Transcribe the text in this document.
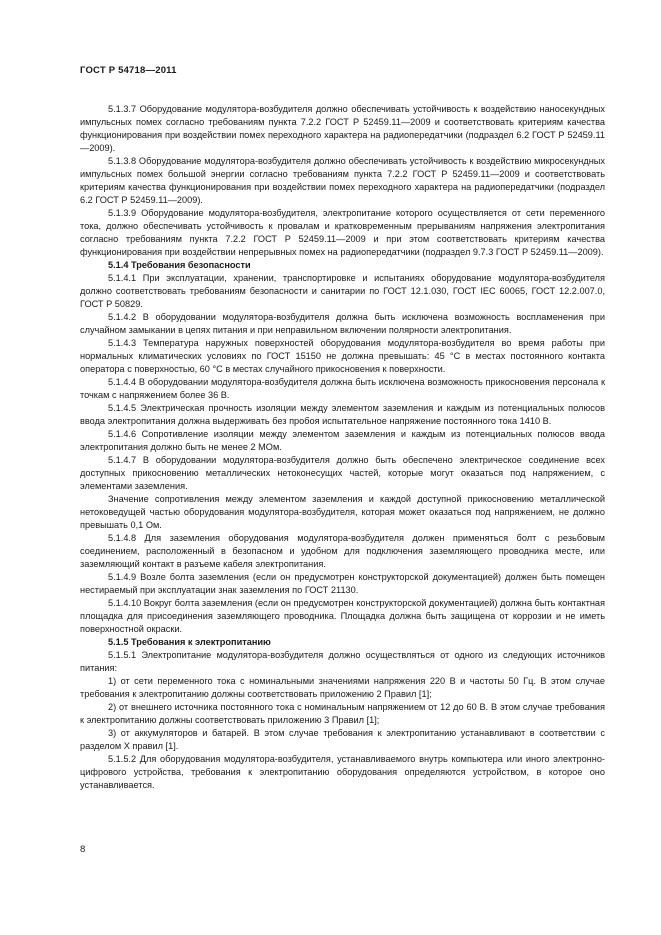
ГОСТ Р 54718—2011

5.1.3.7 Оборудование модулятора-возбудителя должно обеспечивать устойчивость к воздействию наносекундных импульсных помех согласно требованиям пункта 7.2.2 ГОСТ Р 52459.11—2009 и соответствовать критериям качества функционирования при воздействии помех переходного характера на радиопередатчики (подраздел 6.2 ГОСТ Р 52459.11—2009).

5.1.3.8 Оборудование модулятора-возбудителя должно обеспечивать устойчивость к воздействию микросекундных импульсных помех большой энергии согласно требованиям пункта 7.2.2 ГОСТ Р 52459.11—2009 и соответствовать критериям качества функционирования при воздействии помех переходного характера на радиопередатчики (подраздел 6.2 ГОСТ Р 52459.11—2009).

5.1.3.9 Оборудование модулятора-возбудителя, электропитание которого осуществляется от сети переменного тока, должно обеспечивать устойчивость к провалам и кратковременным прерываниям напряжения электропитания согласно требованиям пункта 7.2.2 ГОСТ Р 52459.11—2009 и при этом соответствовать критериям качества функционирования при воздействии непрерывных помех на радиопередатчики (подраздел 9.7.3 ГОСТ Р 52459.11—2009).

5.1.4 Требования безопасности

5.1.4.1 При эксплуатации, хранении, транспортировке и испытаниях оборудование модулятора-возбудителя должно соответствовать требованиям безопасности и санитарии по ГОСТ 12.1.030, ГОСТ IEC 60065, ГОСТ 12.2.007.0, ГОСТ Р 50829.

5.1.4.2 В оборудовании модулятора-возбудителя должна быть исключена возможность воспламенения при случайном замыкании в цепях питания и при неправильном включении полярности электропитания.

5.1.4.3 Температура наружных поверхностей оборудования модулятора-возбудителя во время работы при нормальных климатических условиях по ГОСТ 15150 не должна превышать: 45 °С в местах постоянного контакта оператора с поверхностью, 60 °С в местах случайного прикосновения к поверхности.

5.1.4.4 В оборудовании модулятора-возбудителя должна быть исключена возможность прикосновения персонала к точкам с напряжением более 36 В.

5.1.4.5 Электрическая прочность изоляции между элементом заземления и каждым из потенциальных полюсов ввода электропитания должна выдерживать без пробоя испытательное напряжение постоянного тока 1410 В.

5.1.4.6 Сопротивление изоляции между элементом заземления и каждым из потенциальных полюсов ввода электропитания должно быть не менее 2 МОм.

5.1.4.7 В оборудовании модулятора-возбудителя должно быть обеспечено электрическое соединение всех доступных прикосновению металлических нетоконесущих частей, которые могут оказаться под напряжением, с элементами заземления.

Значение сопротивления между элементом заземления и каждой доступной прикосновению металлической нетоковедущей частью оборудования модулятора-возбудителя, которая может оказаться под напряжением, не должно превышать 0,1 Ом.

5.1.4.8 Для заземления оборудования модулятора-возбудителя должен применяться болт с резьбовым соединением, расположенный в безопасном и удобном для подключения заземляющего проводника месте, или заземляющий контакт в разъеме кабеля электропитания.

5.1.4.9 Возле болта заземления (если он предусмотрен конструкторской документацией) должен быть помещен нестираемый при эксплуатации знак заземления по ГОСТ 21130.

5.1.4.10 Вокруг болта заземления (если он предусмотрен конструкторской документацией) должна быть контактная площадка для присоединения заземляющего проводника. Площадка должна быть защищена от коррозии и не иметь поверхностной окраски.

5.1.5 Требования к электропитанию

5.1.5.1 Электропитание модулятора-возбудителя должно осуществляться от одного из следующих источников питания:

1) от сети переменного тока с номинальными значениями напряжения 220 В и частоты 50 Гц. В этом случае требования к электропитанию должны соответствовать приложению 2 Правил [1];

2) от внешнего источника постоянного тока с номинальным напряжением от 12 до 60 В. В этом случае требования к электропитанию должны соответствовать приложению 3 Правил [1];

3) от аккумуляторов и батарей. В этом случае требования к электропитанию устанавливают в соответствии с разделом X правил [1].

5.1.5.2 Для оборудования модулятора-возбудителя, устанавливаемого внутрь компьютера или иного электронно-цифрового устройства, требования к электропитанию оборудования определяются устройством, в которое оно устанавливается.

8
